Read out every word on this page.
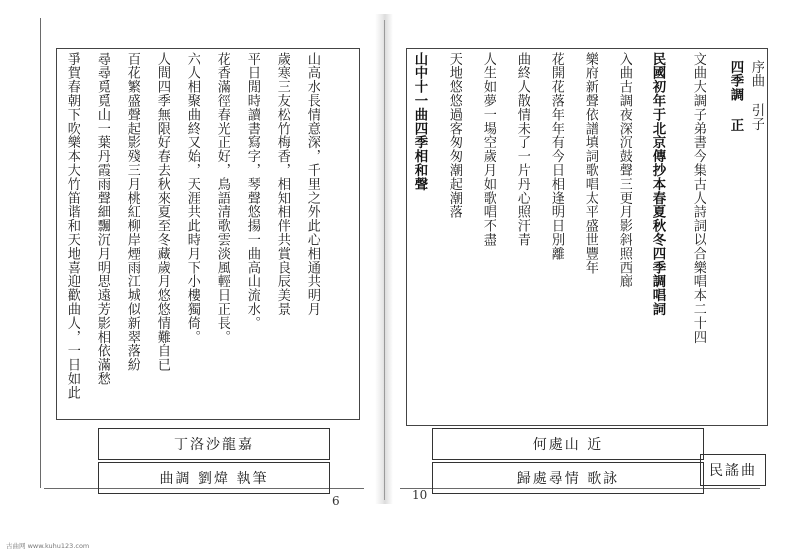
爭賀春朝下吹樂本大竹笛谐和天地喜迎歡曲人，一日如此 尋尋覓覓山一葉丹霞雨聲細飄沉月明思遠芳影相依滿愁 百花繁盛聲起影殘三月桃紅柳岸煙雨江城似新翠落紛 人間四季無限好春去秋來夏至冬藏歲月悠悠情難自已 六人相聚曲終又始，天涯共此時月下小樓獨倚。 花香滿徑春光正好，鳥語清歌雲淡風輕日正長。 平日閒時讀書寫字，琴聲悠揚一曲高山流水。 歲寒三友松竹梅香，相知相伴共賞良辰美景 山高水長情意深，千里之外此心相通共明月
丁洛沙龍嘉
曲調 劉煒 執筆
6
山中十一曲四季相和聲 天地悠悠過客匆匆潮起潮落 人生如夢一場空歲月如歌唱不盡 曲終人散情未了一片丹心照汗青 花開花落年年有今日相逢明日別離 樂府新聲依譜填詞歌唱太平盛世豐年 入曲古調夜深沉鼓聲三更月影斜照西廊 民國初年于北京傳抄本春夏秋冬四季調唱詞 文曲大調子弟書今集古人詩詞以合樂唱本二十四 四季調 正 序曲 引子
何處山 近
歸處尋情 歌詠	民謠曲
10
古曲网 www.kuhu123.com
